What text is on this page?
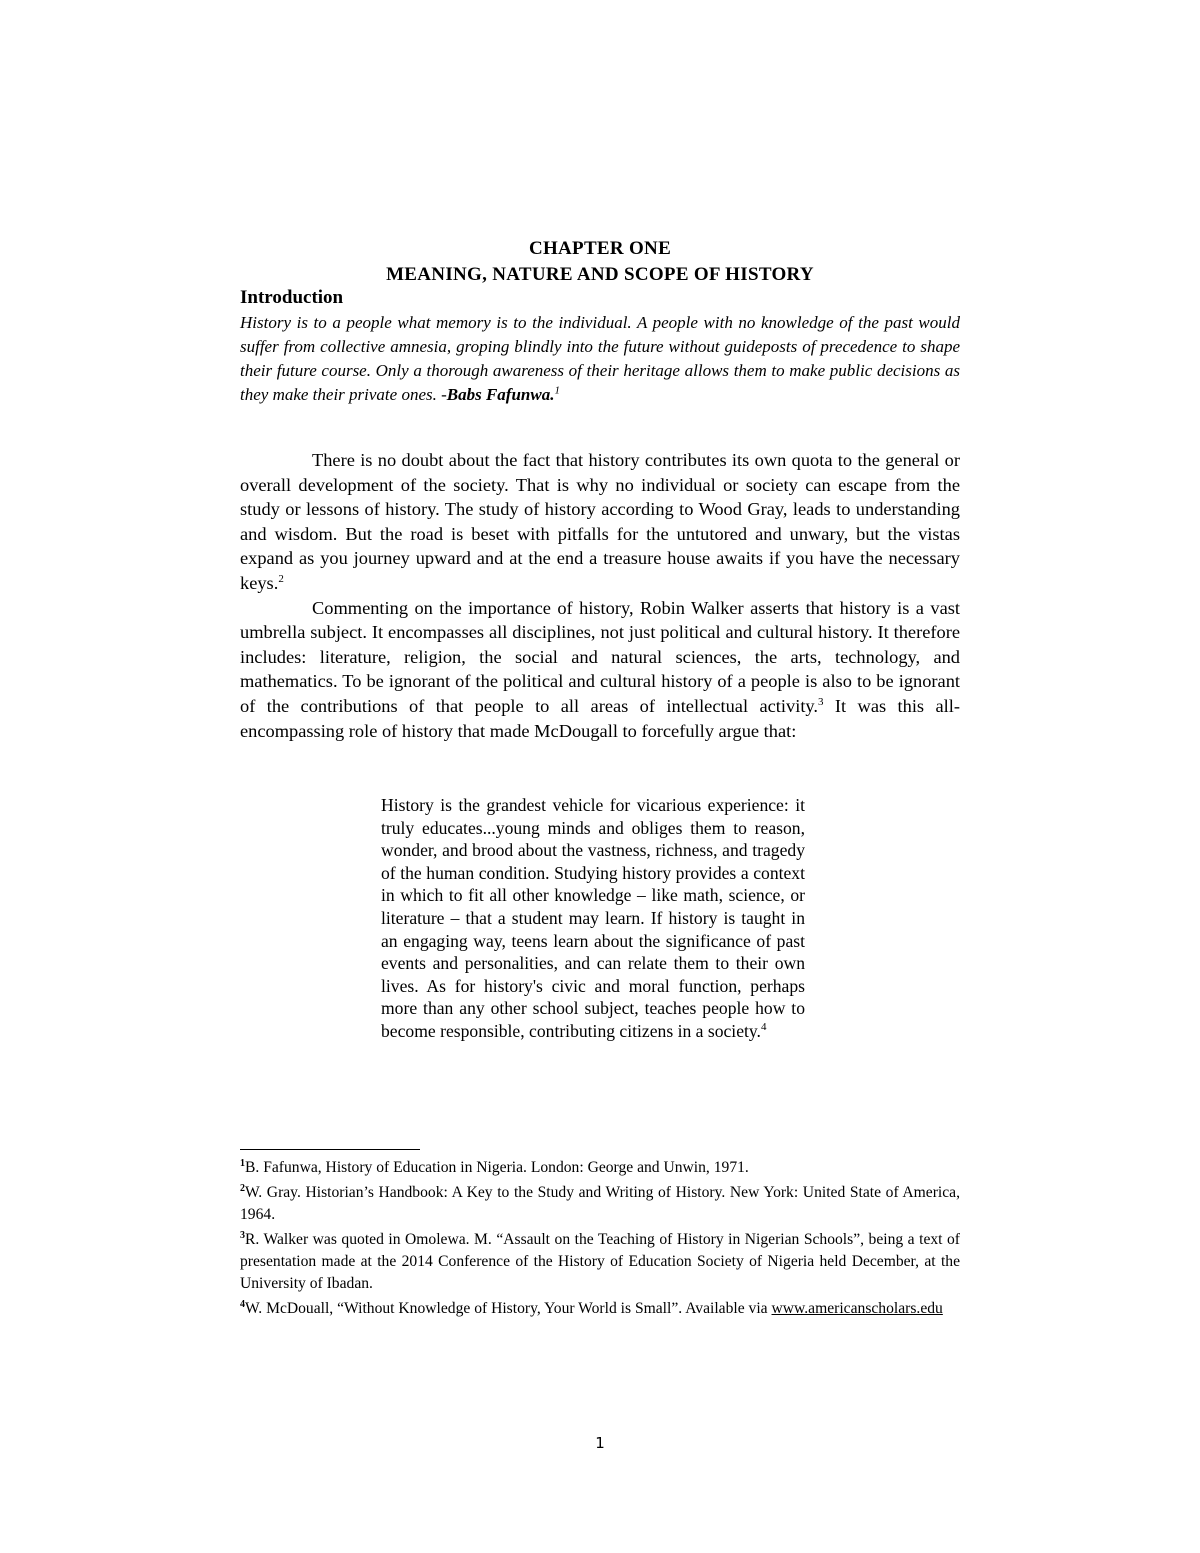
CHAPTER ONE
MEANING, NATURE AND SCOPE OF HISTORY
Introduction
History is to a people what memory is to the individual. A people with no knowledge of the past would suffer from collective amnesia, groping blindly into the future without guideposts of precedence to shape their future course. Only a thorough awareness of their heritage allows them to make public decisions as they make their private ones. -Babs Fafunwa.$^1$

There is no doubt about the fact that history contributes its own quota to the general or overall development of the society. That is why no individual or society can escape from the study or lessons of history. The study of history according to Wood Gray, leads to understanding and wisdom. But the road is beset with pitfalls for the untutored and unwary, but the vistas expand as you journey upward and at the end a treasure house awaits if you have the necessary keys.$^2$

Commenting on the importance of history, Robin Walker asserts that history is a vast umbrella subject. It encompasses all disciplines, not just political and cultural history. It therefore includes: literature, religion, the social and natural sciences, the arts, technology, and mathematics. To be ignorant of the political and cultural history of a people is also to be ignorant of the contributions of that people to all areas of intellectual activity.$^3$ It was this all-encompassing role of history that made McDougall to forcefully argue that:

History is the grandest vehicle for vicarious experience: it truly educates...young minds and obliges them to reason, wonder, and brood about the vastness, richness, and tragedy of the human condition. Studying history provides a context in which to fit all other knowledge – like math, science, or literature – that a student may learn. If history is taught in an engaging way, teens learn about the significance of past events and personalities, and can relate them to their own lives. As for history's civic and moral function, perhaps more than any other school subject, teaches people how to become responsible, contributing citizens in a society.$^4$

$^1$B. Fafunwa, History of Education in Nigeria. London: George and Unwin, 1971.

$^2$W. Gray. Historian’s Handbook: A Key to the Study and Writing of History. New York: United State of America, 1964.

$^3$R. Walker was quoted in Omolewa. M. “Assault on the Teaching of History in Nigerian Schools”, being a text of presentation made at the 2014 Conference of the History of Education Society of Nigeria held December, at the University of Ibadan.

$^4$W. McDouall, “Without Knowledge of History, Your World is Small”. Available via www.americanscholars.edu

1
